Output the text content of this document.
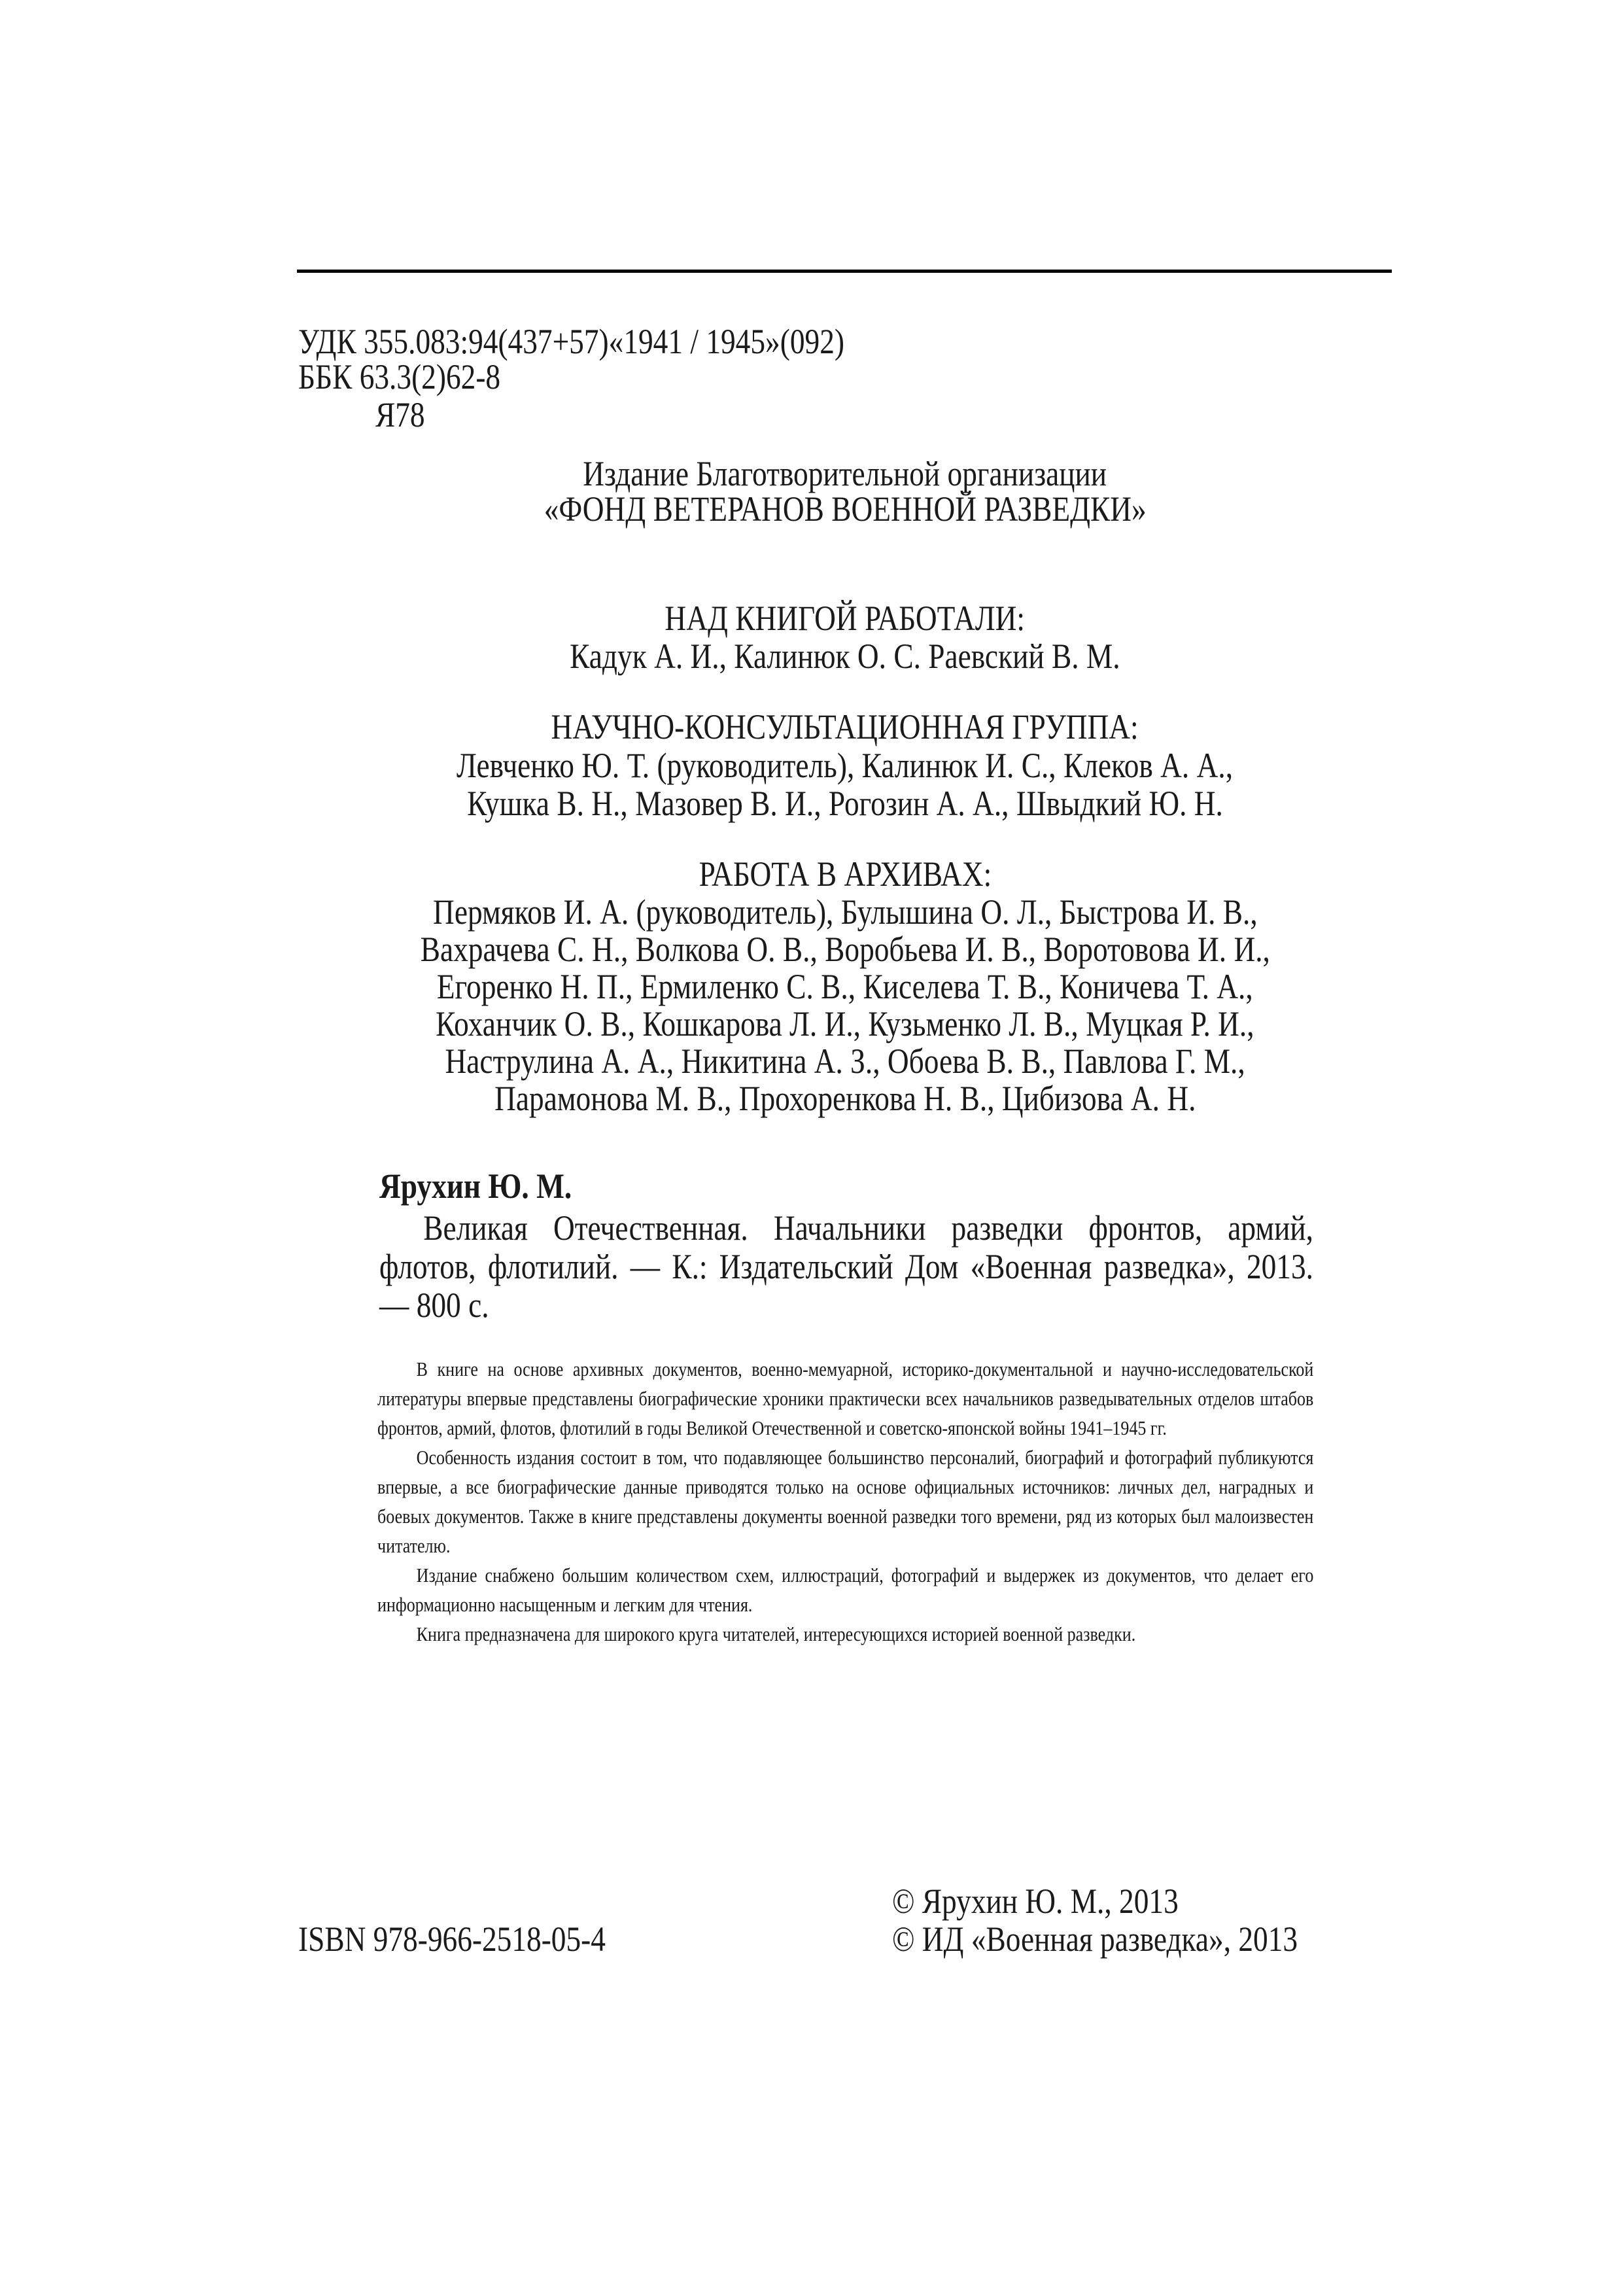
УДК 355.083:94(437+57)«1941 / 1945»(092)
ББК 63.3(2)62-8
Я78
Издание Благотворительной организации
«ФОНД ВЕТЕРАНОВ ВОЕННОЙ РАЗВЕДКИ»
НАД КНИГОЙ РАБОТАЛИ:
Кадук А. И., Калинюк О. С. Раевский В. М.
НАУЧНО-КОНСУЛЬТАЦИОННАЯ ГРУППА:
Левченко Ю. Т. (руководитель), Калинюк И. С., Клеков А. А.,
Кушка В. Н., Мазовер В. И., Рогозин А. А., Швыдкий Ю. Н.
РАБОТА В АРХИВАХ:
Пермяков И. А. (руководитель), Булышина О. Л., Быстрова И. В.,
Вахрачева С. Н., Волкова О. В., Воробьева И. В., Воротовова И. И.,
Егоренко Н. П., Ермиленко С. В., Киселева Т. В., Коничева Т. А.,
Коханчик О. В., Кошкарова Л. И., Кузьменко Л. В., Муцкая Р. И.,
Наструлина А. А., Никитина А. З., Обоева В. В., Павлова Г. М.,
Парамонова М. В., Прохоренкова Н. В., Цибизова А. Н.
Ярухин Ю. М.

Великая Отечественная. Начальники разведки фронтов, армий, флотов, флотилий. — К.: Издательский Дом «Военная разведка», 2013. — 800 с.

В книге на основе архивных документов, военно-мемуарной, историко-документальной и научно-исследовательской литературы впервые представлены биографические хроники практически всех начальников разведывательных отделов штабов фронтов, армий, флотов, флотилий в годы Великой Отечественной и советско-японской войны 1941–1945 гг.

Особенность издания состоит в том, что подавляющее большинство персоналий, биографий и фотографий публикуются впервые, а все биографические данные приводятся только на основе официальных источников: личных дел, наградных и боевых документов. Также в книге представлены документы военной разведки того времени, ряд из которых был малоизвестен читателю.

Издание снабжено большим количеством схем, иллюстраций, фотографий и выдержек из документов, что делает его информационно насыщенным и легким для чтения.

Книга предназначена для широкого круга читателей, интересующихся историей военной разведки.

© Ярухин Ю. М., 2013
ISBN 978-966-2518-05-4	© ИД «Военная разведка», 2013
